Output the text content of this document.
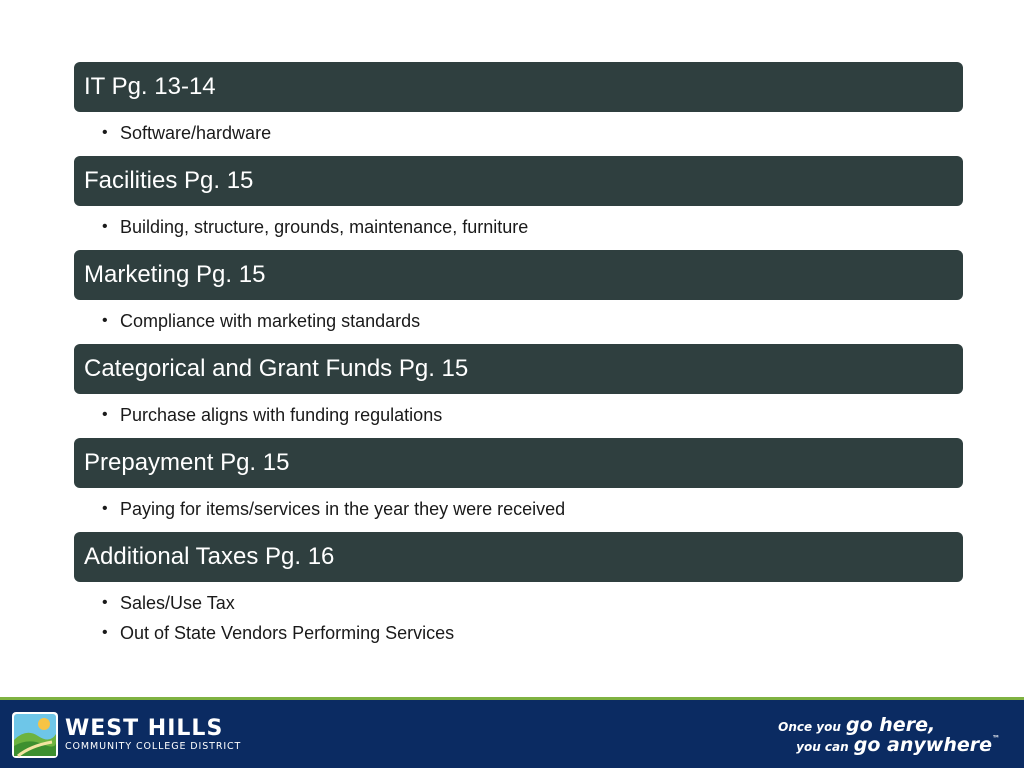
IT Pg. 13-14
• Software/hardware
Facilities Pg. 15
• Building, structure, grounds, maintenance, furniture
Marketing Pg. 15
• Compliance with marketing standards
Categorical and Grant Funds Pg. 15
• Purchase aligns with funding regulations
Prepayment Pg. 15
• Paying for items/services in the year they were received
Additional Taxes Pg. 16
• Sales/Use Tax
• Out of State Vendors Performing Services
WEST HILLS
COMMUNITY COLLEGE DISTRICT
Once you go here,
you can go anywhere™
